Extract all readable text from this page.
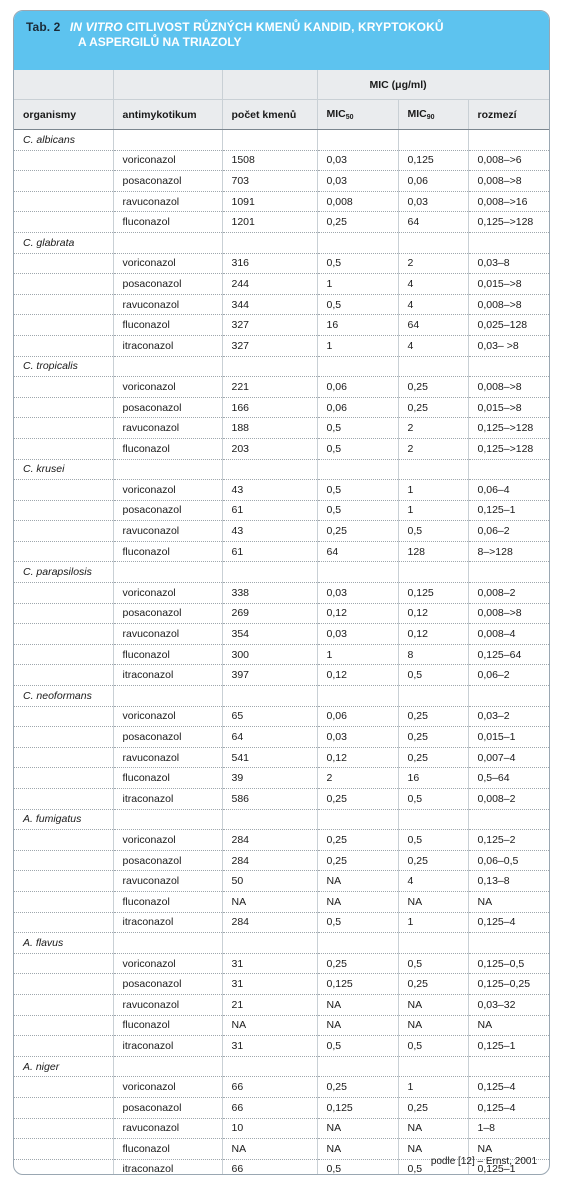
Tab. 2 IN VITRO CITLIVOST RŮZNÝCH KMENŮ KANDID, KRYPTOKOKŮ
A ASPERGILŮ NA TRIAZOLY
			MIC (μg/ml)		
organismy	antimykotikum	počet kmenů	$MIC_{50}$	$MIC_{90}$	rozmezí
C. albicans					
	voriconazol	1508	0,03	0,125	0,008–>6
	posaconazol	703	0,03	0,06	0,008–>8
	ravuconazol	1091	0,008	0,03	0,008–>16
	fluconazol	1201	0,25	64	0,125–>128
C. glabrata					
	voriconazol	316	0,5	2	0,03–8
	posaconazol	244	1	4	0,015–>8
	ravuconazol	344	0,5	4	0,008–>8
	fluconazol	327	16	64	0,025–128
	itraconazol	327	1	4	0,03– >8
C. tropicalis					
	voriconazol	221	0,06	0,25	0,008–>8
	posaconazol	166	0,06	0,25	0,015–>8
	ravuconazol	188	0,5	2	0,125–>128
	fluconazol	203	0,5	2	0,125–>128
C. krusei					
	voriconazol	43	0,5	1	0,06–4
	posaconazol	61	0,5	1	0,125–1
	ravuconazol	43	0,25	0,5	0,06–2
	fluconazol	61	64	128	8–>128
C. parapsilosis					
	voriconazol	338	0,03	0,125	0,008–2
	posaconazol	269	0,12	0,12	0,008–>8
	ravuconazol	354	0,03	0,12	0,008–4
	fluconazol	300	1	8	0,125–64
	itraconazol	397	0,12	0,5	0,06–2
C. neoformans					
	voriconazol	65	0,06	0,25	0,03–2
	posaconazol	64	0,03	0,25	0,015–1
	ravuconazol	541	0,12	0,25	0,007–4
	fluconazol	39	2	16	0,5–64
	itraconazol	586	0,25	0,5	0,008–2
A. fumigatus					
	voriconazol	284	0,25	0,5	0,125–2
	posaconazol	284	0,25	0,25	0,06–0,5
	ravuconazol	50	NA	4	0,13–8
	fluconazol	NA	NA	NA	NA
	itraconazol	284	0,5	1	0,125–4
A. flavus					
	voriconazol	31	0,25	0,5	0,125–0,5
	posaconazol	31	0,125	0,25	0,125–0,25
	ravuconazol	21	NA	NA	0,03–32
	fluconazol	NA	NA	NA	NA
	itraconazol	31	0,5	0,5	0,125–1
A. niger					
	voriconazol	66	0,25	1	0,125–4
	posaconazol	66	0,125	0,25	0,125–4
	ravuconazol	10	NA	NA	1–8
	fluconazol	NA	NA	NA	NA
	itraconazol	66	0,5	0,5	0,125–1
podle [12] – Ernst, 2001
